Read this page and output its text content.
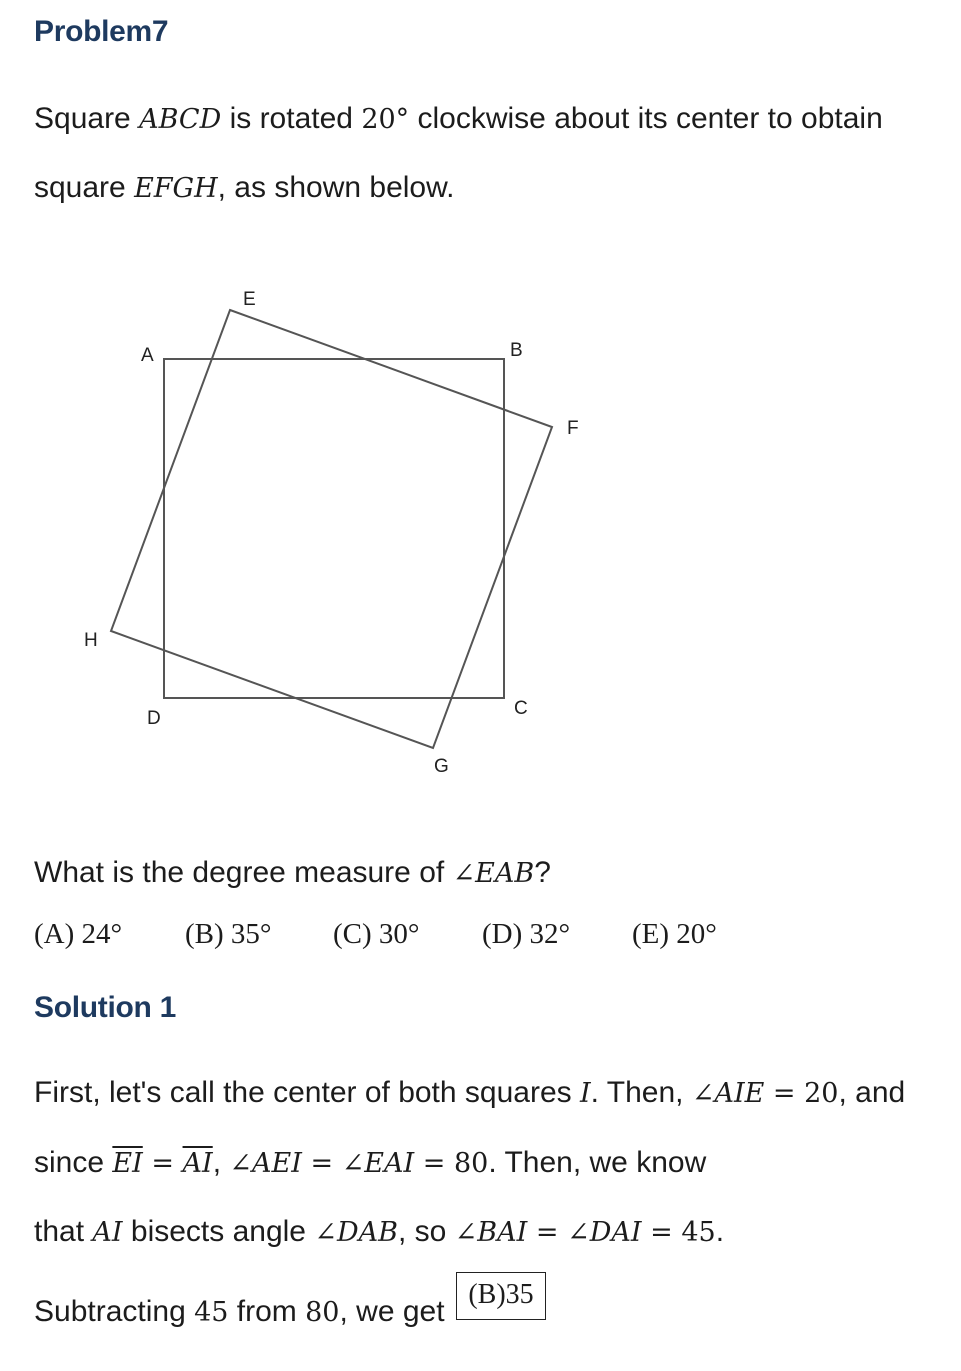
Problem7
Square ABCD is rotated 20° clockwise about its center to obtain
square EFGH, as shown below.
A	B
C
D
E
F
G
H
What is the degree measure of ∠EAB?
(A) 24° (B) 35° (C) 30° (D) 32° (E) 20°
Solution 1
First, let's call the center of both squares I. Then, ∠AIE = 20, and
since $\overline{EI} = \overline{AI}$, ∠AEI = ∠EAI = 80. Then, we know
that AI bisects angle ∠DAB, so ∠BAI = ∠DAI = 45.
Subtracting 45 from 80, we get
(B)35
